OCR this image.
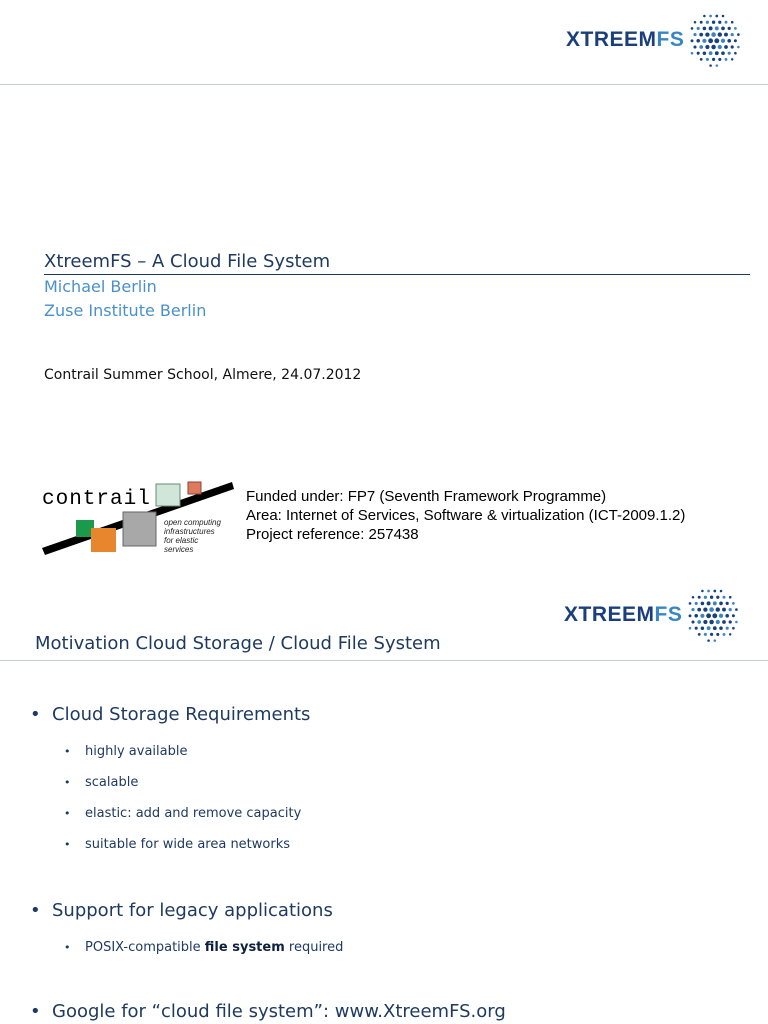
XTREEM FS
XtreemFS – A Cloud File System
Michael Berlin
Zuse Institute Berlin
Contrail Summer School, Almere, 24.07.2012
contrail
open computing
infrastructures
for elastic
services
Funded under: FP7 (Seventh Framework Programme)
Area: Internet of Services, Software & virtualization (ICT-2009.1.2)
Project reference: 257438
XTREEM FS
Motivation Cloud Storage / Cloud File System
• Cloud Storage Requirements
• highly available
• scalable
• elastic: add and remove capacity
• suitable for wide area networks
• Support for legacy applications
• POSIX-compatible file system required
• Google for “cloud file system”: www.XtreemFS.org
